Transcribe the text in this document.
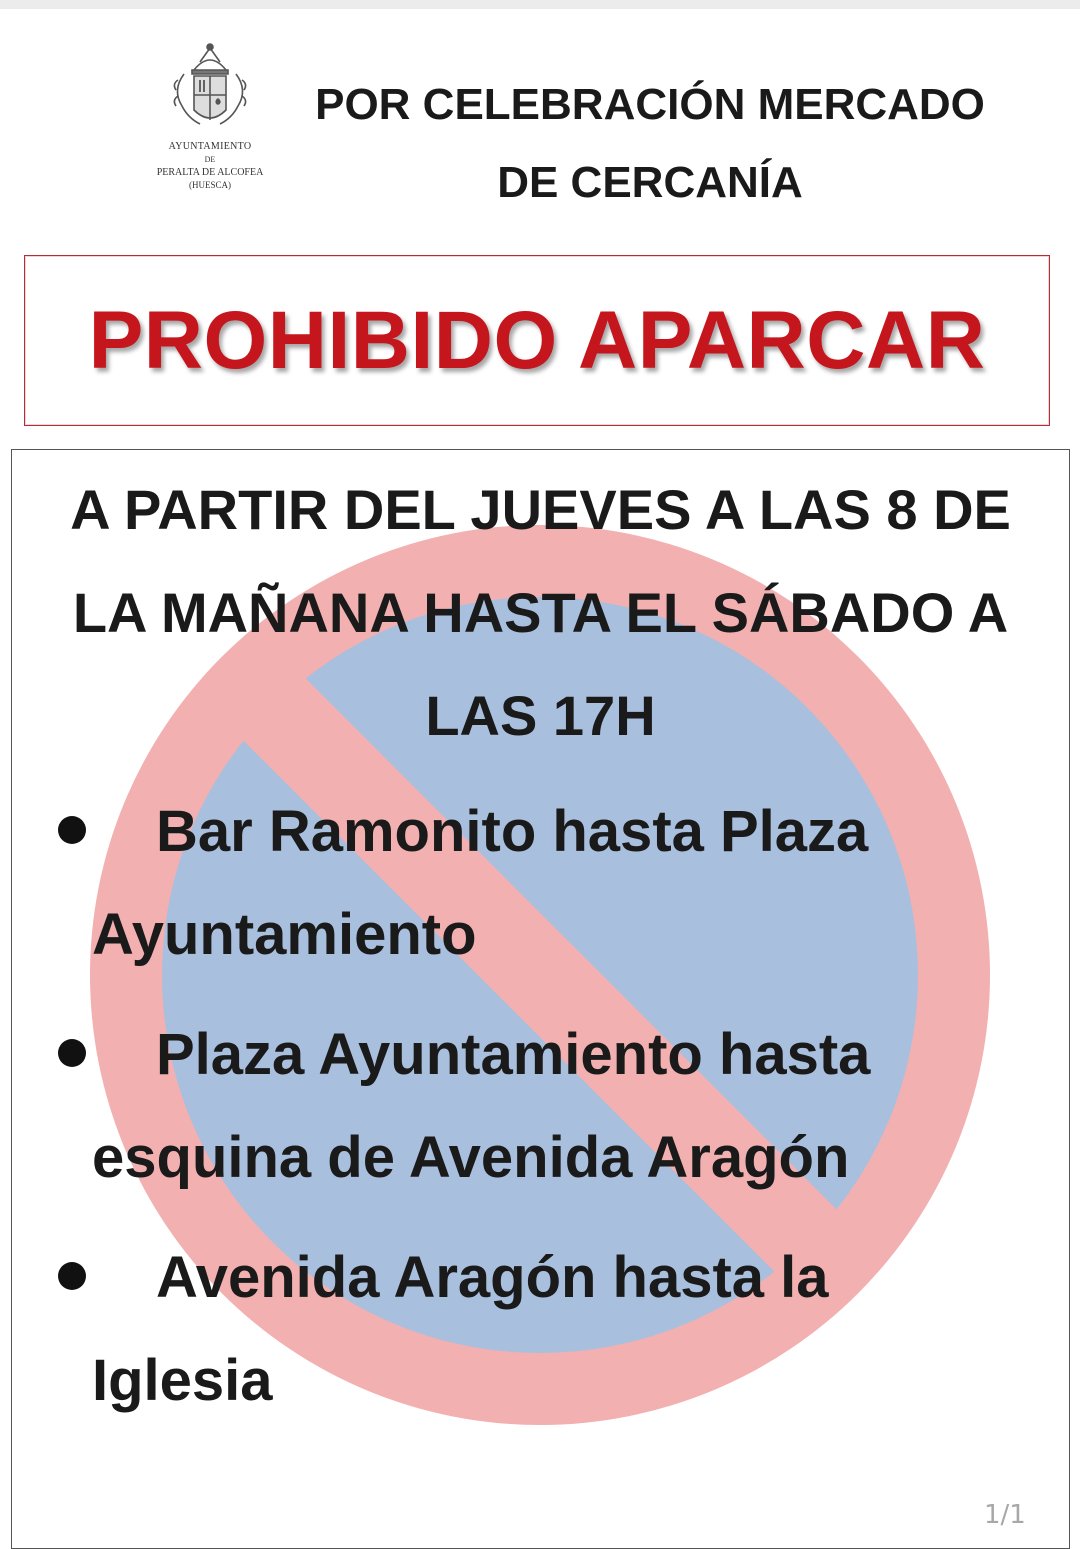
AYUNTAMIENTO
DE
PERALTA DE ALCOFEA
(HUESCA)
POR CELEBRACIÓN MERCADO
DE CERCANÍA
PROHIBIDO APARCAR
A PARTIR DEL JUEVES A LAS 8 DE
LA MAÑANA HASTA EL SÁBADO A
LAS 17H
Bar Ramonito hasta Plaza
Ayuntamiento
Plaza Ayuntamiento hasta
esquina de Avenida Aragón
Avenida Aragón hasta la
Iglesia
1/1
